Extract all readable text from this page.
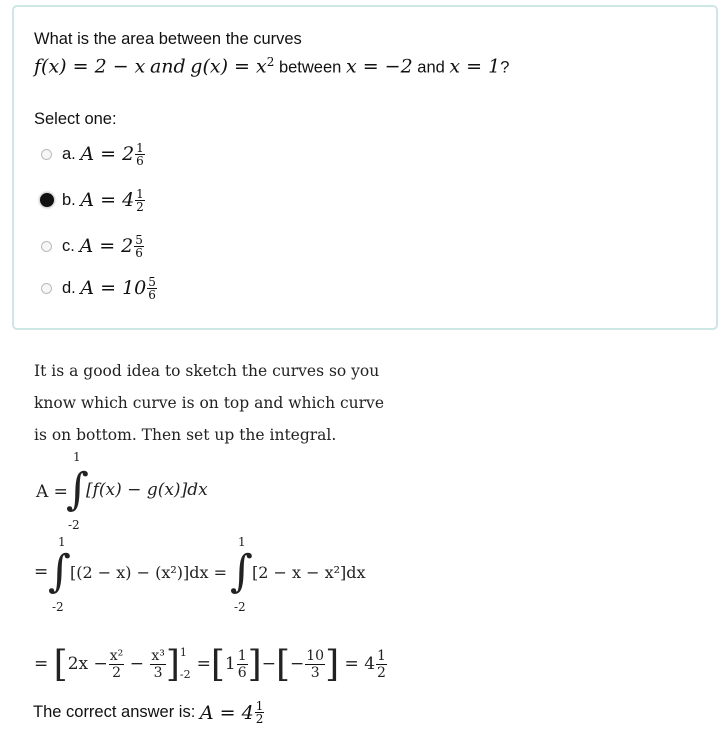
What is the area between the curves
f(x) = 2 − x and $g(x) = x^2$ between x = −2 and x = 1?
Select one:
a.
$A = 2 \frac{1}{6}$
b.
$A = 4 \frac{1}{2}$
c.
$A = 2 \frac{5}{6}$
d.
$A = 10 \frac{5}{6}$
It is a good idea to sketch the curves so you
know which curve is on top and which curve
is on bottom. Then set up the integral.
A =
1
∫
-2
[f(x) − g(x)]dx
=
1
∫
-2
[(2 − x) − (x²)]dx =
1
∫
-2
[2 − x − x²]dx
=
[ $2x - \frac{\text{x²}}{2}$
−
$\frac{\text{x³}}{3}$ ] 1
-2
= [ $1 \frac{1}{6}$ ] − [ − $\frac{10}{3}$ ]
= $4 \frac{1}{2}$
The correct answer is:
$A = 4 \frac{1}{2}$
